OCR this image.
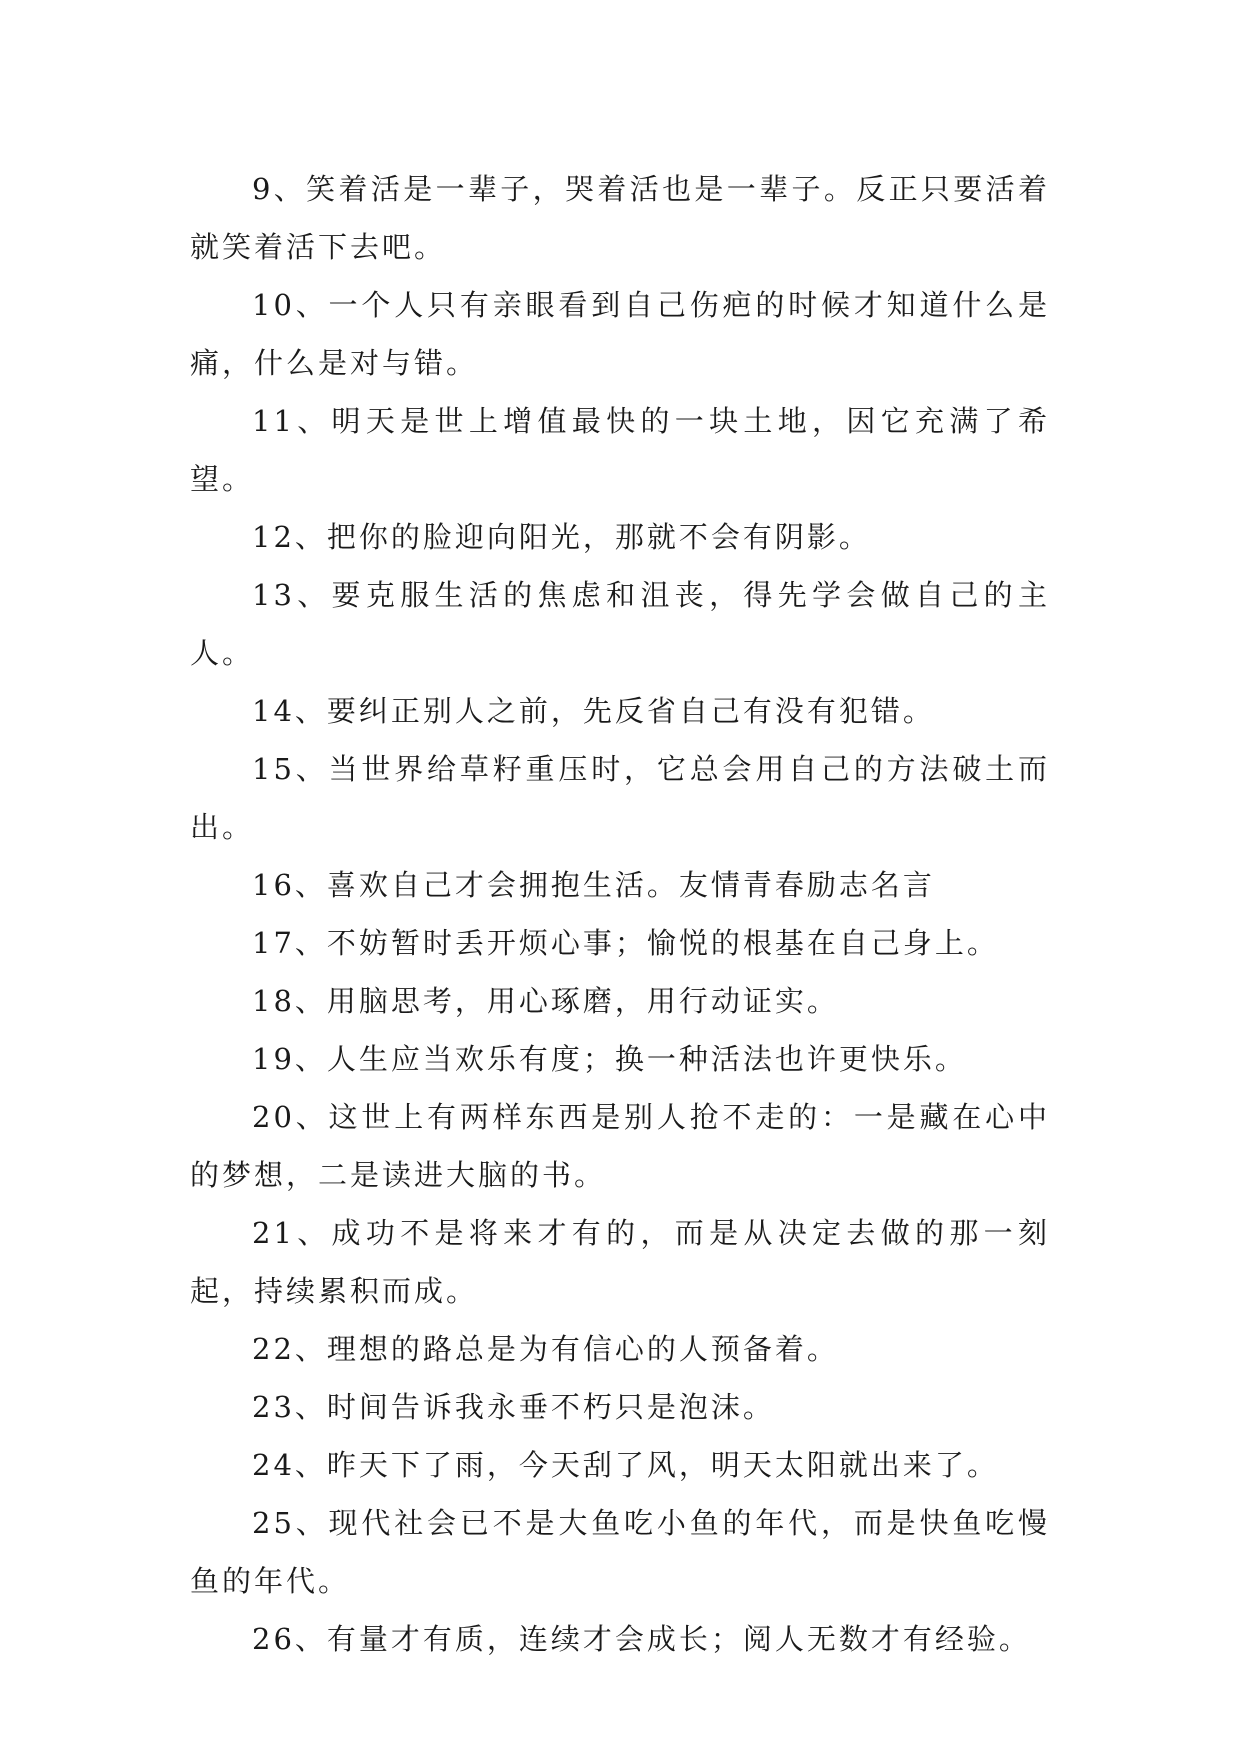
9、笑着活是一辈子，哭着活也是一辈子。反正只要活着就笑着活下去吧。

10、一个人只有亲眼看到自己伤疤的时候才知道什么是痛，什么是对与错。

11、明天是世上增值最快的一块土地，因它充满了希望。

12、把你的脸迎向阳光，那就不会有阴影。

13、要克服生活的焦虑和沮丧，得先学会做自己的主人。

14、要纠正别人之前，先反省自己有没有犯错。

15、当世界给草籽重压时，它总会用自己的方法破土而出。

16、喜欢自己才会拥抱生活。友情青春励志名言

17、不妨暂时丢开烦心事；愉悦的根基在自己身上。

18、用脑思考，用心琢磨，用行动证实。

19、人生应当欢乐有度；换一种活法也许更快乐。

20、这世上有两样东西是别人抢不走的：一是藏在心中的梦想，二是读进大脑的书。

21、成功不是将来才有的，而是从决定去做的那一刻起，持续累积而成。

22、理想的路总是为有信心的人预备着。

23、时间告诉我永垂不朽只是泡沫。

24、昨天下了雨，今天刮了风，明天太阳就出来了。

25、现代社会已不是大鱼吃小鱼的年代，而是快鱼吃慢鱼的年代。

26、有量才有质，连续才会成长；阅人无数才有经验。
